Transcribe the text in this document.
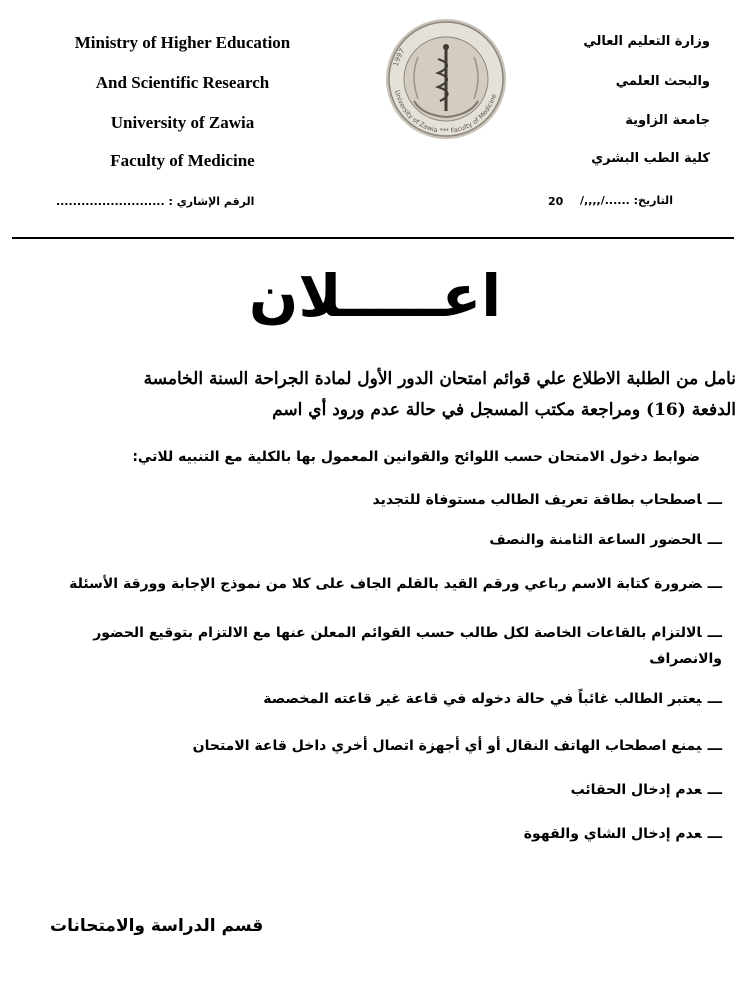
Ministry of Higher Education
And Scientific Research
University of Zawia
Faculty of Medicine
وزارة التعليم العالي
والبحث العلمي
جامعة الزاوية
كلية الطب البشري
1997
University of Zawia *** Faculty of Medicine
الرقم الإشاري : ..........................	20 التاريخ: ....../,,,,/
اعـــــلان

نامل من الطلبة الاطلاع علي قوائم امتحان الدور الأول لمادة الجراحة السنة الخامسة

الدفعة (16) ومراجعة مكتب المسجل في حالة عدم ورود أي اسم

ضوابط دخول الامتحان حسب اللوائح والقوانين المعمول بها بالكلية مع التنبيه للاتي:
ـــاصطحاب بطاقة تعريف الطالب مستوفاة للتجديد
ـــالحضور الساعة الثامنة والنصف
ـــضرورة كتابة الاسم رباعي ورقم القيد بالقلم الجاف على كلا من نموذج الإجابة وورقة الأسئلة
ـــالالتزام بالقاعات الخاصة لكل طالب حسب القوائم المعلن عنها مع الالتزام بتوقيع الحضور والانصراف
ـــيعتبر الطالب غائباً في حالة دخوله في قاعة غير قاعته المخصصة
ـــيمنع اصطحاب الهاتف النقال أو أي أجهزة اتصال أخري داخل قاعة الامتحان
ـــعدم إدخال الحقائب
ـــعدم إدخال الشاي والقهوة
قسم الدراسة والامتحانات
